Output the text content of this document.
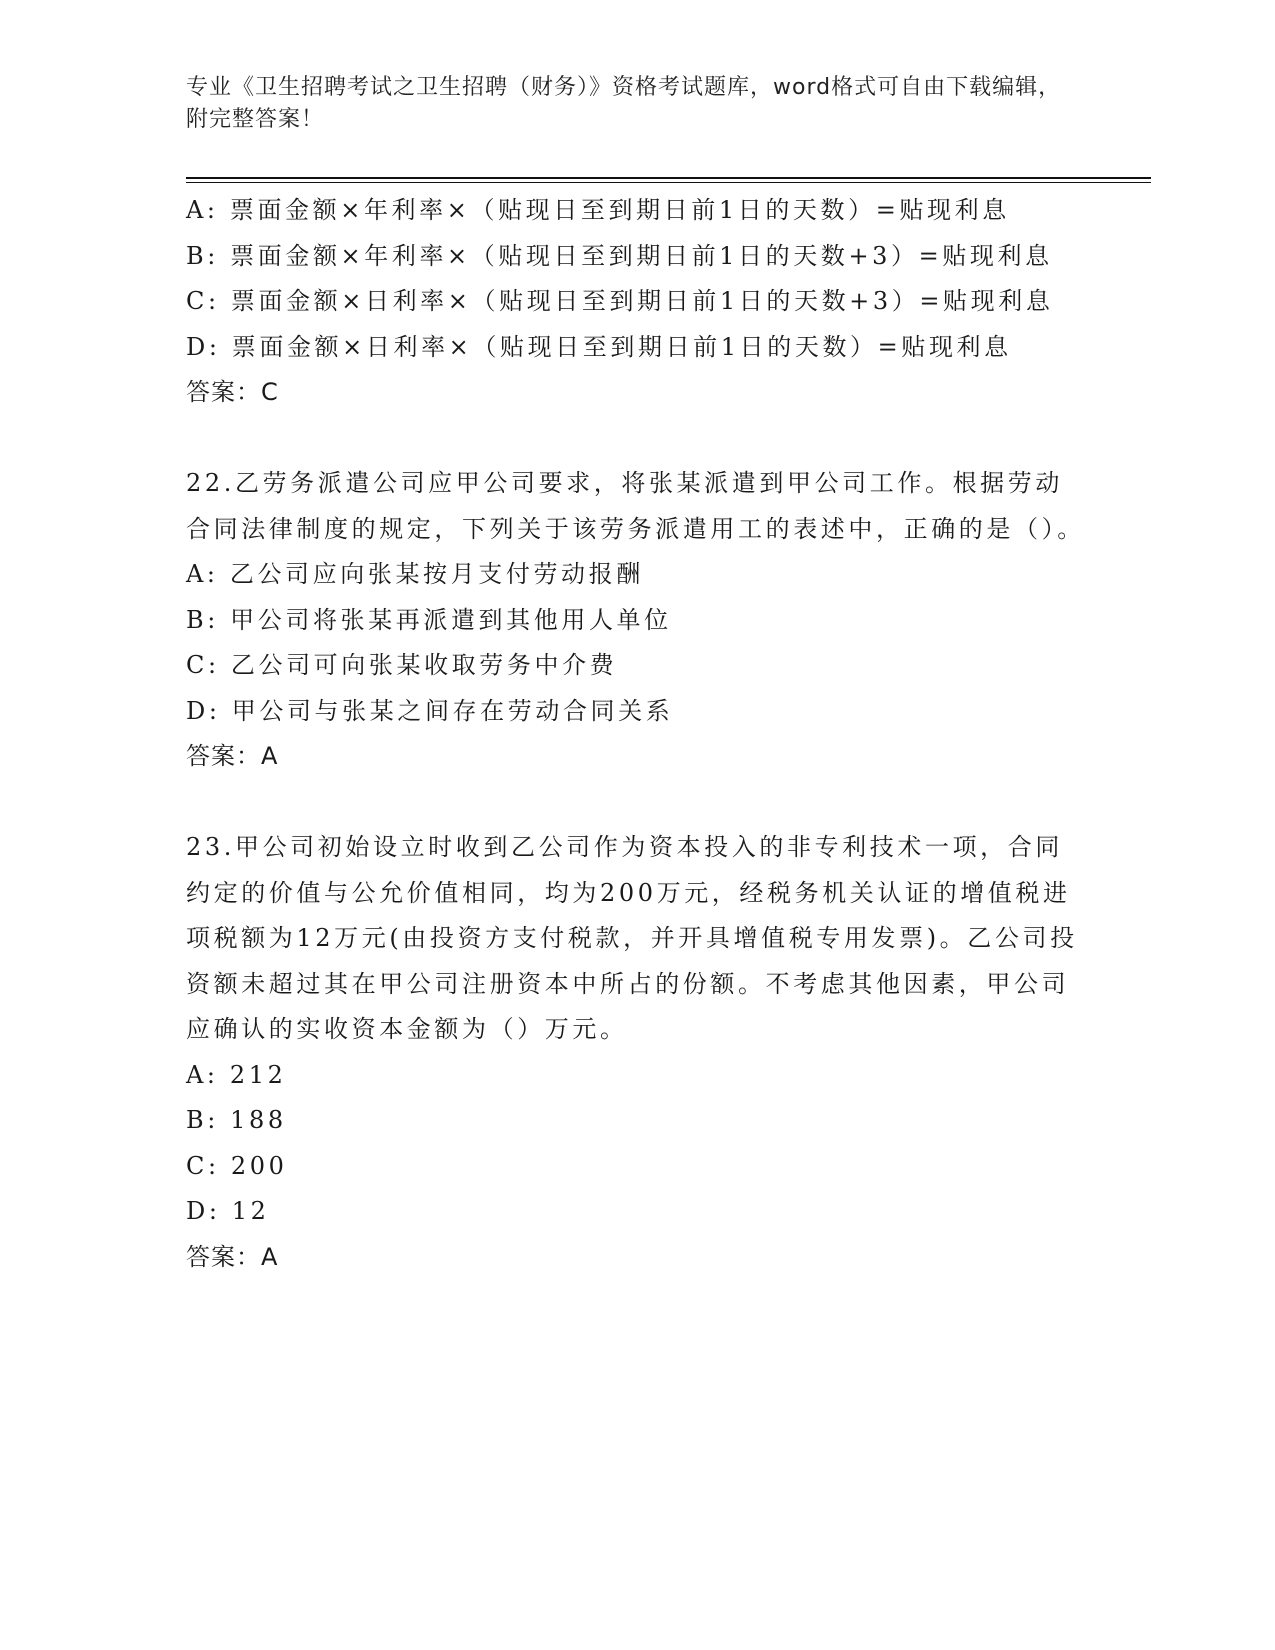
专业《卫生招聘考试之卫生招聘（财务）》资格考试题库，word格式可自由下载编辑，附完整答案！

A: 票面金额×年利率×（贴现日至到期日前1日的天数）=贴现利息

B: 票面金额×年利率×（贴现日至到期日前1日的天数+3）=贴现利息

C: 票面金额×日利率×（贴现日至到期日前1日的天数+3）=贴现利息

D: 票面金额×日利率×（贴现日至到期日前1日的天数）=贴现利息

答案：C

22.乙劳务派遣公司应甲公司要求，将张某派遣到甲公司工作。根据劳动合同法律制度的规定，下列关于该劳务派遣用工的表述中，正确的是（）。

A: 乙公司应向张某按月支付劳动报酬

B: 甲公司将张某再派遣到其他用人单位

C: 乙公司可向张某收取劳务中介费

D: 甲公司与张某之间存在劳动合同关系

答案：A

23.甲公司初始设立时收到乙公司作为资本投入的非专利技术一项，合同约定的价值与公允价值相同，均为200万元，经税务机关认证的增值税进项税额为12万元(由投资方支付税款，并开具增值税专用发票)。乙公司投资额未超过其在甲公司注册资本中所占的份额。不考虑其他因素，甲公司应确认的实收资本金额为（）万元。

A: 212

B: 188

C: 200

D: 12

答案：A
